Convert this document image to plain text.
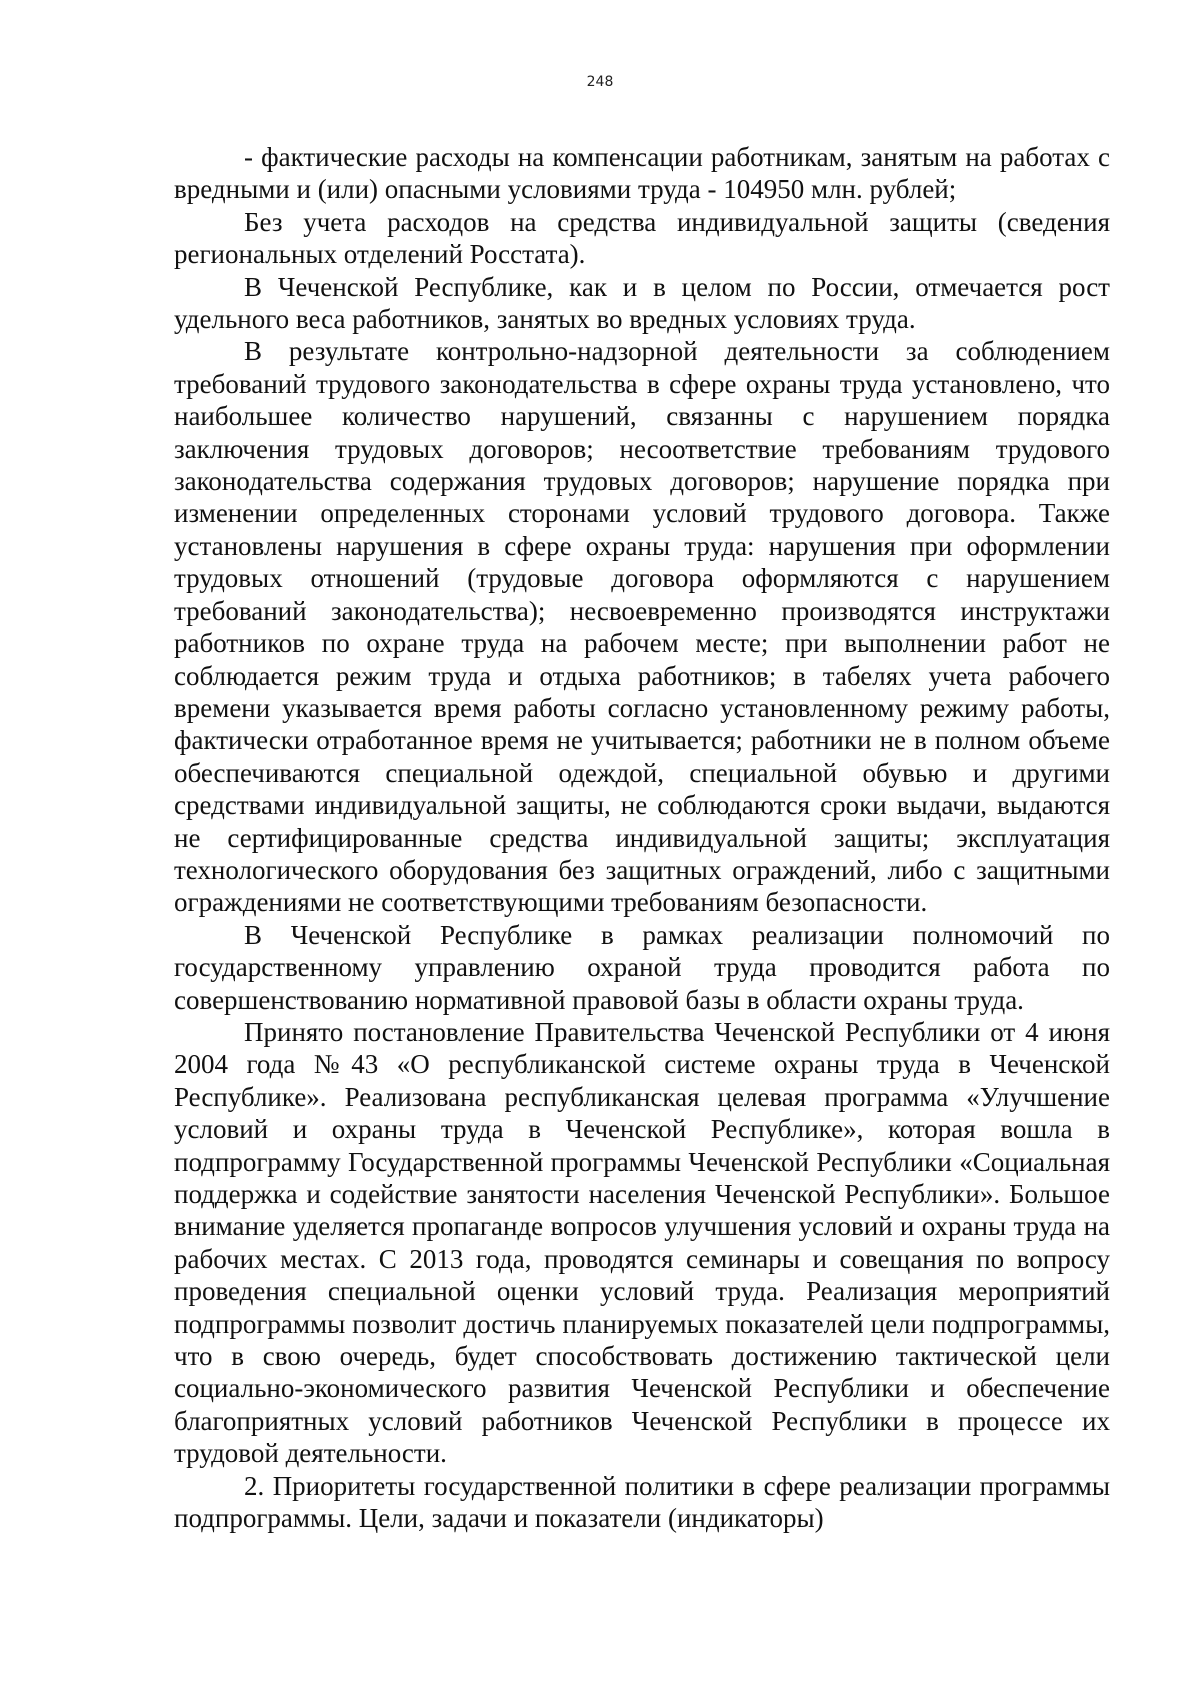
248

- фактические расходы на компенсации работникам, занятым на работах с вредными и (или) опасными условиями труда - 104950 млн. рублей;

Без учета расходов на средства индивидуальной защиты (сведения региональных отделений Росстата).

В Чеченской Республике, как и в целом по России, отмечается рост удельного веса работников, занятых во вредных условиях труда.

В результате контрольно-надзорной деятельности за соблюдением требований трудового законодательства в сфере охраны труда установлено, что наибольшее количество нарушений, связанны с нарушением порядка заключения трудовых договоров; несоответствие требованиям трудового законодательства содержания трудовых договоров; нарушение порядка при изменении определенных сторонами условий трудового договора. Также установлены нарушения в сфере охраны труда: нарушения при оформлении трудовых отношений (трудовые договора оформляются с нарушением требований законодательства); несвоевременно производятся инструктажи работников по охране труда на рабочем месте; при выполнении работ не соблюдается режим труда и отдыха работников; в табелях учета рабочего времени указывается время работы согласно установленному режиму работы, фактически отработанное время не учитывается; работники не в полном объеме обеспечиваются специальной одеждой, специальной обувью и другими средствами индивидуальной защиты, не соблюдаются сроки выдачи, выдаются не сертифицированные средства индивидуальной защиты; эксплуатация технологического оборудования без защитных ограждений, либо с защитными ограждениями не соответствующими требованиям безопасности.

В Чеченской Республике в рамках реализации полномочий по государственному управлению охраной труда проводится работа по совершенствованию нормативной правовой базы в области охраны труда.

Принято постановление Правительства Чеченской Республики от 4 июня 2004 года №43 «О республиканской системе охраны труда в Чеченской Республике». Реализована республиканская целевая программа «Улучшение условий и охраны труда в Чеченской Республике», которая вошла в подпрограмму Государственной программы Чеченской Республики «Социальная поддержка и содействие занятости населения Чеченской Республики». Большое внимание уделяется пропаганде вопросов улучшения условий и охраны труда на рабочих местах. С 2013 года, проводятся семинары и совещания по вопросу проведения специальной оценки условий труда. Реализация мероприятий подпрограммы позволит достичь планируемых показателей цели подпрограммы, что в свою очередь, будет способствовать достижению тактической цели социально-экономического развития Чеченской Республики и обеспечение благоприятных условий работников Чеченской Республики в процессе их трудовой деятельности.

2. Приоритеты государственной политики в сфере реализации программы подпрограммы. Цели, задачи и показатели (индикаторы)
